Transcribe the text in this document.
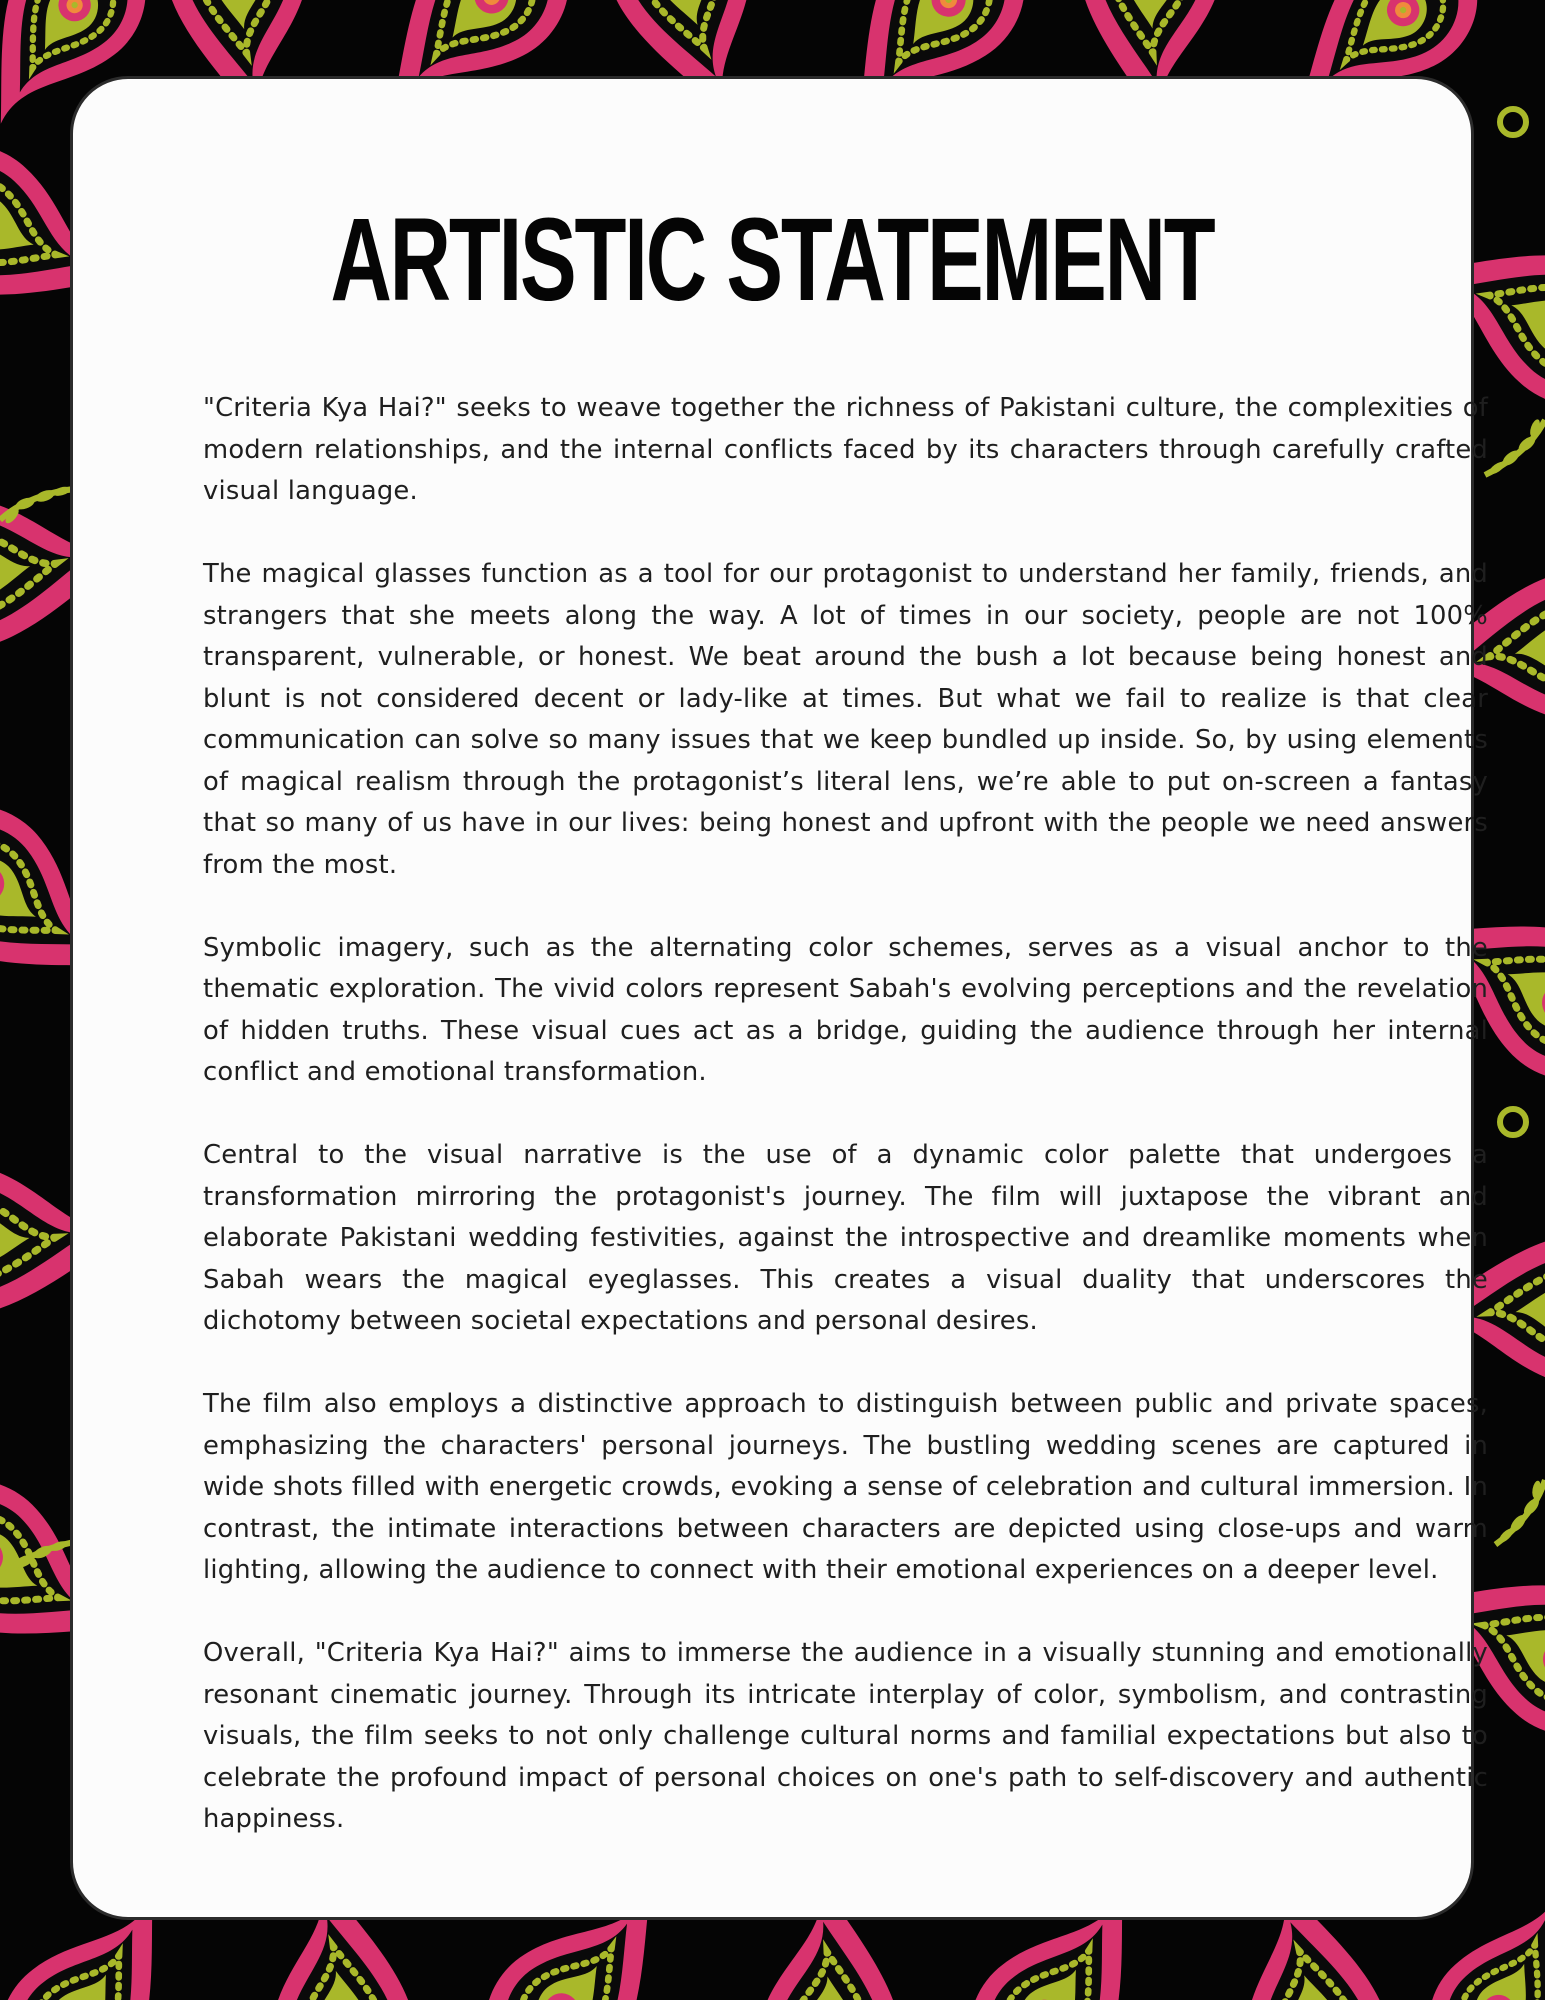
ARTISTIC STATEMENT

"Criteria Kya Hai?" seeks to weave together the richness of Pakistani culture, the complexities of modern relationships, and the internal conflicts faced by its characters through carefully crafted visual language.

The magical glasses function as a tool for our protagonist to understand her family, friends, and strangers that she meets along the way. A lot of times in our society, people are not 100% transparent, vulnerable, or honest. We beat around the bush a lot because being honest and blunt is not considered decent or lady-like at times. But what we fail to realize is that clear communication can solve so many issues that we keep bundled up inside. So, by using elements of magical realism through the protagonist’s literal lens, we’re able to put on-screen a fantasy that so many of us have in our lives: being honest and upfront with the people we need answers from the most.

Symbolic imagery, such as the alternating color schemes, serves as a visual anchor to the thematic exploration. The vivid colors represent Sabah's evolving perceptions and the revelation of hidden truths. These visual cues act as a bridge, guiding the audience through her internal conflict and emotional transformation.

Central to the visual narrative is the use of a dynamic color palette that undergoes a transformation mirroring the protagonist's journey. The film will juxtapose the vibrant and elaborate Pakistani wedding festivities, against the introspective and dreamlike moments when Sabah wears the magical eyeglasses. This creates a visual duality that underscores the dichotomy between societal expectations and personal desires.

The film also employs a distinctive approach to distinguish between public and private spaces, emphasizing the characters' personal journeys. The bustling wedding scenes are captured in wide shots filled with energetic crowds, evoking a sense of celebration and cultural immersion. In contrast, the intimate interactions between characters are depicted using close-ups and warm lighting, allowing the audience to connect with their emotional experiences on a deeper level.

Overall, "Criteria Kya Hai?" aims to immerse the audience in a visually stunning and emotionally resonant cinematic journey. Through its intricate interplay of color, symbolism, and contrasting visuals, the film seeks to not only challenge cultural norms and familial expectations but also to celebrate the profound impact of personal choices on one's path to self-discovery and authentic happiness.
